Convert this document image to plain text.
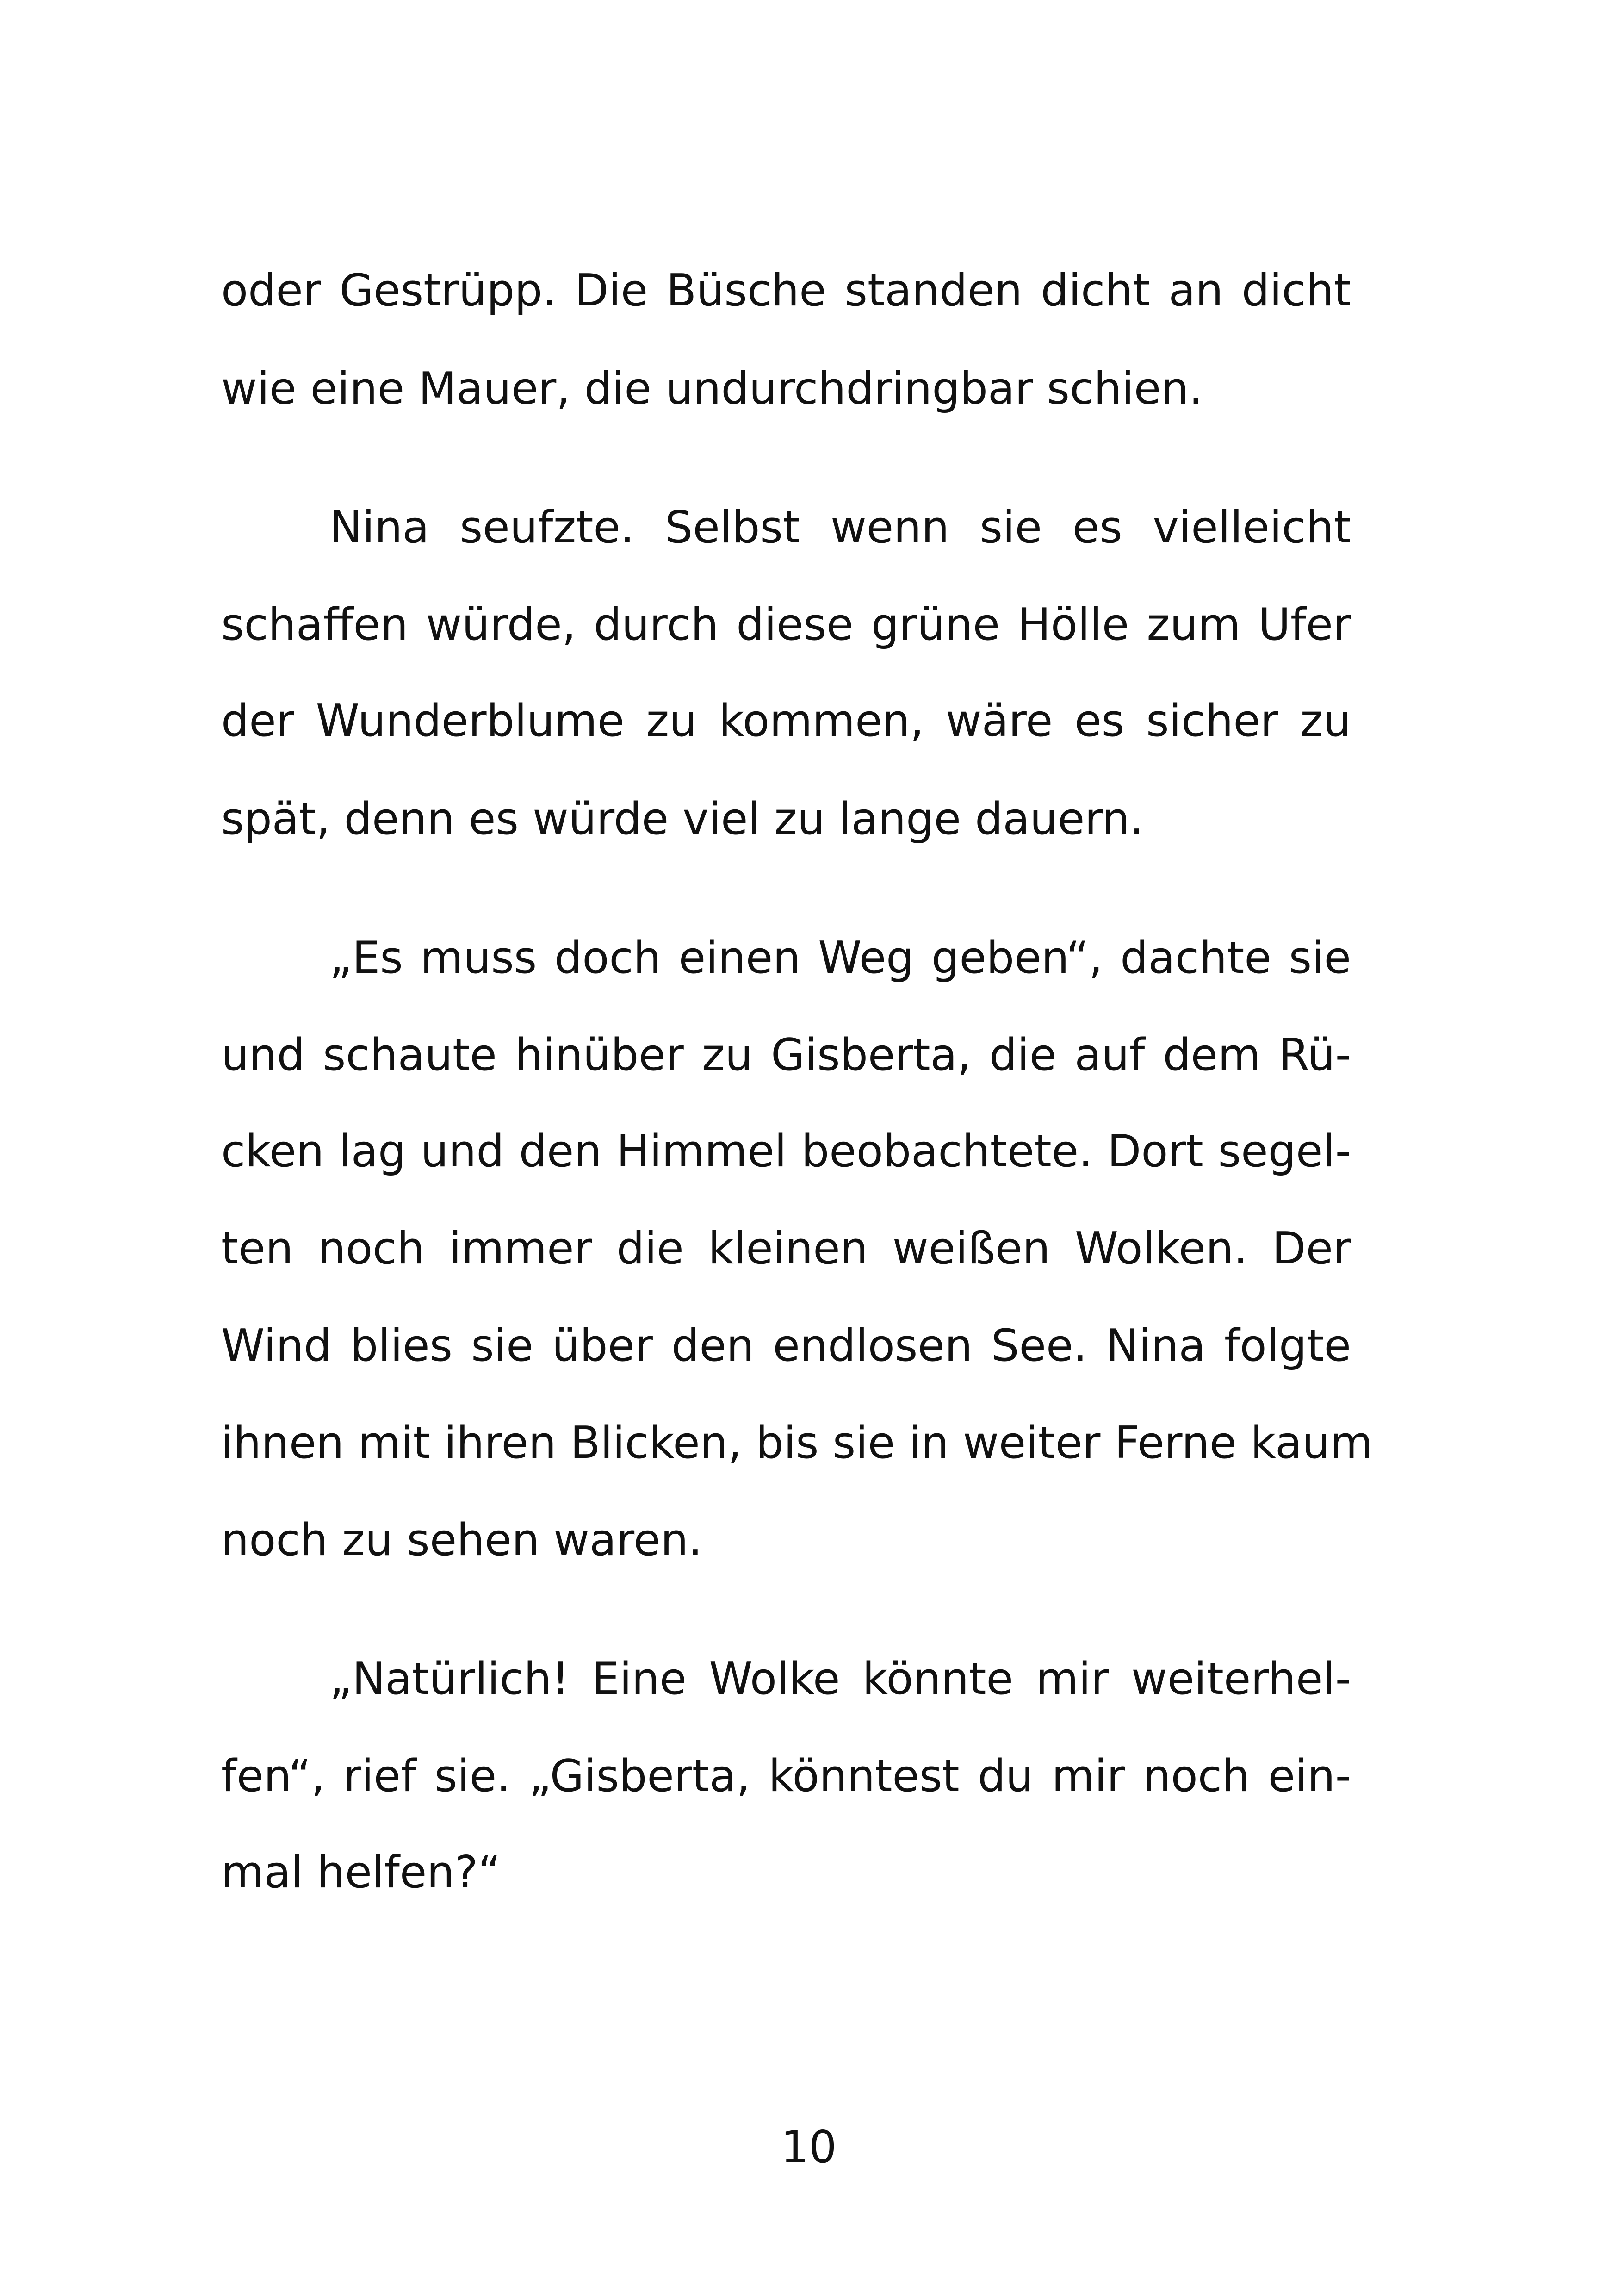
oder Gestrüpp. Die Büsche standen dicht an dicht
wie eine Mauer, die undurchdringbar schien.
Nina seufzte. Selbst wenn sie es vielleicht
schaffen würde, durch diese grüne Hölle zum Ufer
der Wunderblume zu kommen, wäre es sicher zu
spät, denn es würde viel zu lange dauern.
„Es muss doch einen Weg geben“, dachte sie
und schaute hinüber zu Gisberta, die auf dem Rü-
cken lag und den Himmel beobachtete. Dort segel-
ten noch immer die kleinen weißen Wolken. Der
Wind blies sie über den endlosen See. Nina folgte
ihnen mit ihren Blicken, bis sie in weiter Ferne kaum
noch zu sehen waren.
„Natürlich! Eine Wolke könnte mir weiterhel-
fen“, rief sie. „Gisberta, könntest du mir noch ein-
mal helfen?“
10
